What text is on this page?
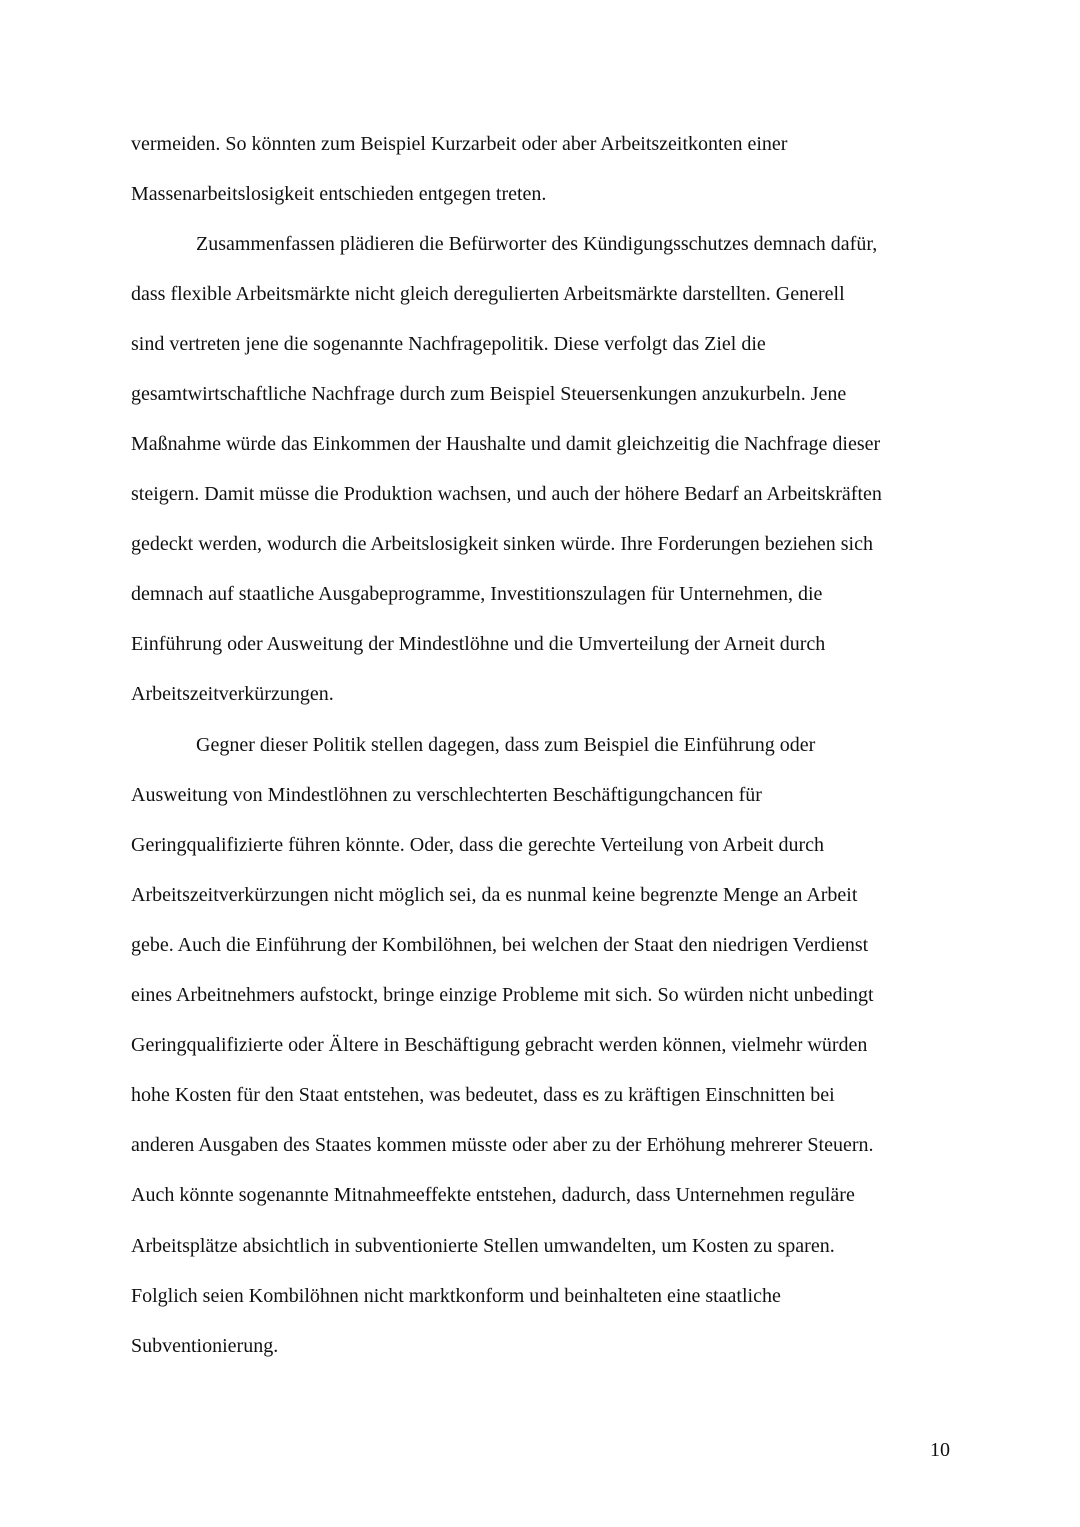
vermeiden. So könnten zum Beispiel Kurzarbeit oder aber Arbeitszeitkonten einer
Massenarbeitslosigkeit entschieden entgegen treten.
Zusammenfassen plädieren die Befürworter des Kündigungsschutzes demnach dafür,
dass flexible Arbeitsmärkte nicht gleich deregulierten Arbeitsmärkte darstellten. Generell
sind vertreten jene die sogenannte Nachfragepolitik. Diese verfolgt das Ziel die
gesamtwirtschaftliche Nachfrage durch zum Beispiel Steuersenkungen anzukurbeln. Jene
Maßnahme würde das Einkommen der Haushalte und damit gleichzeitig die Nachfrage dieser
steigern. Damit müsse die Produktion wachsen, und auch der höhere Bedarf an Arbeitskräften
gedeckt werden, wodurch die Arbeitslosigkeit sinken würde. Ihre Forderungen beziehen sich
demnach auf staatliche Ausgabeprogramme, Investitionszulagen für Unternehmen, die
Einführung oder Ausweitung der Mindestlöhne und die Umverteilung der Arneit durch
Arbeitszeitverkürzungen.
Gegner dieser Politik stellen dagegen, dass zum Beispiel die Einführung oder
Ausweitung von Mindestlöhnen zu verschlechterten Beschäftigungchancen für
Geringqualifizierte führen könnte. Oder, dass die gerechte Verteilung von Arbeit durch
Arbeitszeitverkürzungen nicht möglich sei, da es nunmal keine begrenzte Menge an Arbeit
gebe. Auch die Einführung der Kombilöhnen, bei welchen der Staat den niedrigen Verdienst
eines Arbeitnehmers aufstockt, bringe einzige Probleme mit sich. So würden nicht unbedingt
Geringqualifizierte oder Ältere in Beschäftigung gebracht werden können, vielmehr würden
hohe Kosten für den Staat entstehen, was bedeutet, dass es zu kräftigen Einschnitten bei
anderen Ausgaben des Staates kommen müsste oder aber zu der Erhöhung mehrerer Steuern.
Auch könnte sogenannte Mitnahmeeffekte entstehen, dadurch, dass Unternehmen reguläre
Arbeitsplätze absichtlich in subventionierte Stellen umwandelten, um Kosten zu sparen.
Folglich seien Kombilöhnen nicht marktkonform und beinhalteten eine staatliche
Subventionierung.
10
